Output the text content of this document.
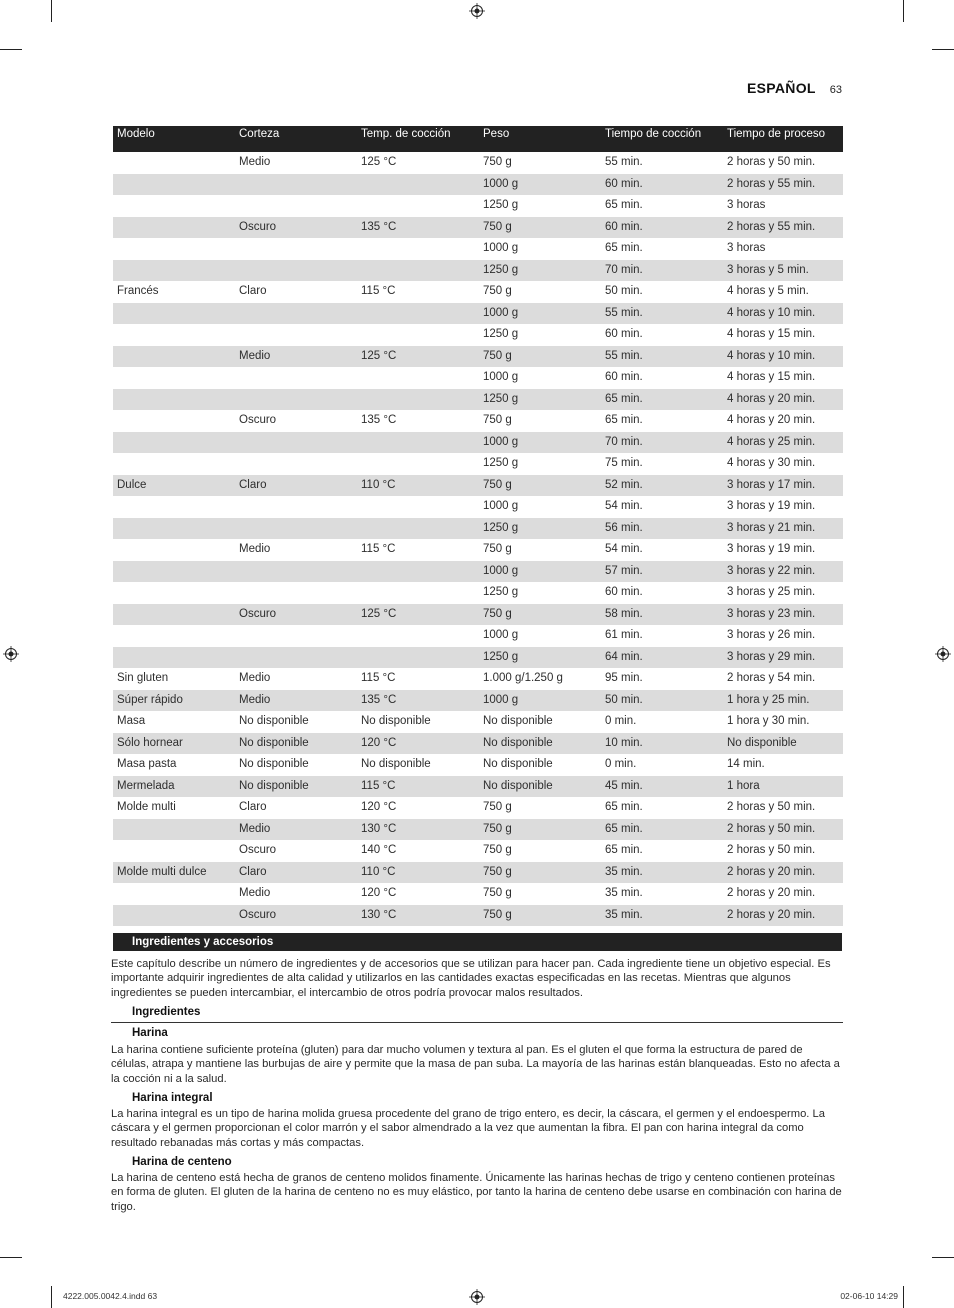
ESPAÑOL 63
Modelo	Corteza	Temp. de cocción	Peso	Tiempo de cocción	Tiempo de proceso
	Medio	125 °C	750 g	55 min.	2 horas y 50 min.
			1000 g	60 min.	2 horas y 55 min.
			1250 g	65 min.	3 horas
	Oscuro	135 °C	750 g	60 min.	2 horas y 55 min.
			1000 g	65 min.	3 horas
			1250 g	70 min.	3 horas y 5 min.
Francés	Claro	115 °C	750 g	50 min.	4 horas y 5 min.
			1000 g	55 min.	4 horas y 10 min.
			1250 g	60 min.	4 horas y 15 min.
	Medio	125 °C	750 g	55 min.	4 horas y 10 min.
			1000 g	60 min.	4 horas y 15 min.
			1250 g	65 min.	4 horas y 20 min.
	Oscuro	135 °C	750 g	65 min.	4 horas y 20 min.
			1000 g	70 min.	4 horas y 25 min.
			1250 g	75 min.	4 horas y 30 min.
Dulce	Claro	110 °C	750 g	52 min.	3 horas y 17 min.
			1000 g	54 min.	3 horas y 19 min.
			1250 g	56 min.	3 horas y 21 min.
	Medio	115 °C	750 g	54 min.	3 horas y 19 min.
			1000 g	57 min.	3 horas y 22 min.
			1250 g	60 min.	3 horas y 25 min.
	Oscuro	125 °C	750 g	58 min.	3 horas y 23 min.
			1000 g	61 min.	3 horas y 26 min.
			1250 g	64 min.	3 horas y 29 min.
Sin gluten	Medio	115 °C	1.000 g/1.250 g	95 min.	2 horas y 54 min.
Súper rápido	Medio	135 °C	1000 g	50 min.	1 hora y 25 min.
Masa	No disponible	No disponible	No disponible	0 min.	1 hora y 30 min.
Sólo hornear	No disponible	120 °C	No disponible	10 min.	No disponible
Masa pasta	No disponible	No disponible	No disponible	0 min.	14 min.
Mermelada	No disponible	115 °C	No disponible	45 min.	1 hora
Molde multi	Claro	120 °C	750 g	65 min.	2 horas y 50 min.
	Medio	130 °C	750 g	65 min.	2 horas y 50 min.
	Oscuro	140 °C	750 g	65 min.	2 horas y 50 min.
Molde multi dulce	Claro	110 °C	750 g	35 min.	2 horas y 20 min.
	Medio	120 °C	750 g	35 min.	2 horas y 20 min.
	Oscuro	130 °C	750 g	35 min.	2 horas y 20 min.
Ingredientes y accesorios

Este capítulo describe un número de ingredientes y de accesorios que se utilizan para hacer pan. Cada ingrediente tiene un objetivo especial. Es importante adquirir ingredientes de alta calidad y utilizarlos en las cantidades exactas especificadas en las recetas. Mientras que algunos ingredientes se pueden intercambiar, el intercambio de otros podría provocar malos resultados.

Ingredientes
Harina

La harina contiene suficiente proteína (gluten) para dar mucho volumen y textura al pan. Es el gluten el que forma la estructura de pared de células, atrapa y mantiene las burbujas de aire y permite que la masa de pan suba. La mayoría de las harinas están blanqueadas. Esto no afecta a la cocción ni a la salud.

Harina integral

La harina integral es un tipo de harina molida gruesa procedente del grano de trigo entero, es decir, la cáscara, el germen y el endoespermo. La cáscara y el germen proporcionan el color marrón y el sabor almendrado a la vez que aumentan la fibra. El pan con harina integral da como resultado rebanadas más cortas y más compactas.

Harina de centeno

La harina de centeno está hecha de granos de centeno molidos finamente. Únicamente las harinas hechas de trigo y centeno contienen proteínas en forma de gluten. El gluten de la harina de centeno no es muy elástico, por tanto la harina de centeno debe usarse en combinación con harina de trigo.

4222.005.0042.4.indd 63	02-06-10 14:29
